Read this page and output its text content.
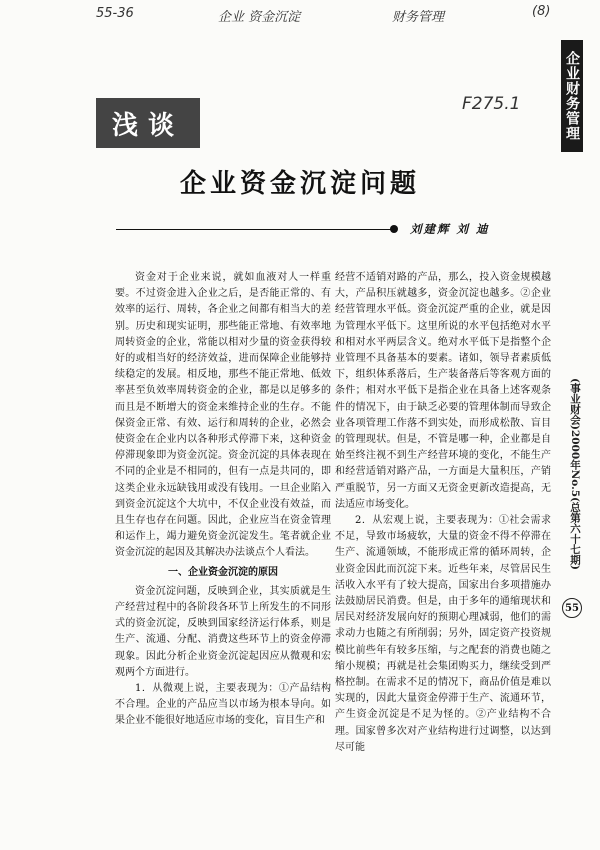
55-36	企业 资金沉淀	财务管理	(8)
F275.1	企业财务管理
(事业财会)2000年No.5(总第六十七期)
55
浅谈
企业资金沉淀问题
刘建辉 刘 迪

资金对于企业来说，就如血液对人一样重要。不过资金进入企业之后，是否能正常的、有效率的运行、周转，各企业之间都有相当大的差别。历史和现实证明，那些能正常地、有效率地周转资金的企业，常能以相对少量的资金获得较好的或相当好的经济效益，进而保障企业能够持续稳定的发展。相反地，那些不能正常地、低效率甚至负效率周转资金的企业，都是以足够多的而且是不断增大的资金来维持企业的生存。不能保资金正常、有效、运行和周转的企业，必然会使资金在企业内以各种形式停滞下来，这种资金停滞现象即为资金沉淀。资金沉淀的具体表现在不同的企业是不相同的，但有一点是共同的，即这类企业永远缺钱用或没有钱用。一旦企业陷入到资金沉淀这个大坑中，不仅企业没有效益，而且生存也存在问题。因此，企业应当在资金管理和运作上，竭力避免资金沉淀发生。笔者就企业资金沉淀的起因及其解决办法谈点个人看法。

一、企业资金沉淀的原因

资金沉淀问题，反映到企业，其实质就是生产经营过程中的各阶段各环节上所发生的不同形式的资金沉淀，反映到国家经济运行体系，则是生产、流通、分配、消费这些环节上的资金停滞现象。因此分析企业资金沉淀起因应从微观和宏观两个方面进行。

1．从微观上说，主要表现为：①产品结构不合理。企业的产品应当以市场为根本导向。如果企业不能很好地适应市场的变化，盲目生产和

经营不适销对路的产品，那么，投入资金规模越大，产品积压就越多，资金沉淀也越多。②企业经营管理水平低。资金沉淀严重的企业，就是因为管理水平低下。这里所说的水平包括绝对水平和相对水平两层含义。绝对水平低下是指整个企业管理不具备基本的要素。诸如，领导者素质低下，组织体系落后，生产装备落后等客观方面的条件；相对水平低下是指企业在具备上述客观条件的情况下，由于缺乏必要的管理体制而导致企业各项管理工作落不到实处，而形成松散、盲目的管理现状。但是，不管是哪一种，企业都是自始至终注视不到生产经营环境的变化，不能生产和经营适销对路产品，一方面是大量积压，产销严重脱节，另一方面又无资金更新改造提高，无法适应市场变化。

2．从宏观上说，主要表现为：①社会需求不足，导致市场疲软，大量的资金不得不停滞在生产、流通领域，不能形成正常的循环周转，企业资金因此而沉淀下来。近些年来，尽管居民生活收入水平有了较大提高，国家出台多项措施办法鼓励居民消费。但是，由于多年的通缩现状和居民对经济发展向好的预期心理减弱，他们的需求动力也随之有所削弱；另外，固定资产投资规模比前些年有较多压缩，与之配套的消费也随之缩小规模；再就是社会集团购买力，继续受到严格控制。在需求不足的情况下，商品价值是难以实现的，因此大量资金停滞于生产、流通环节，产生资金沉淀是不足为怪的。②产业结构不合理。国家曾多次对产业结构进行过调整，以达到尽可能
